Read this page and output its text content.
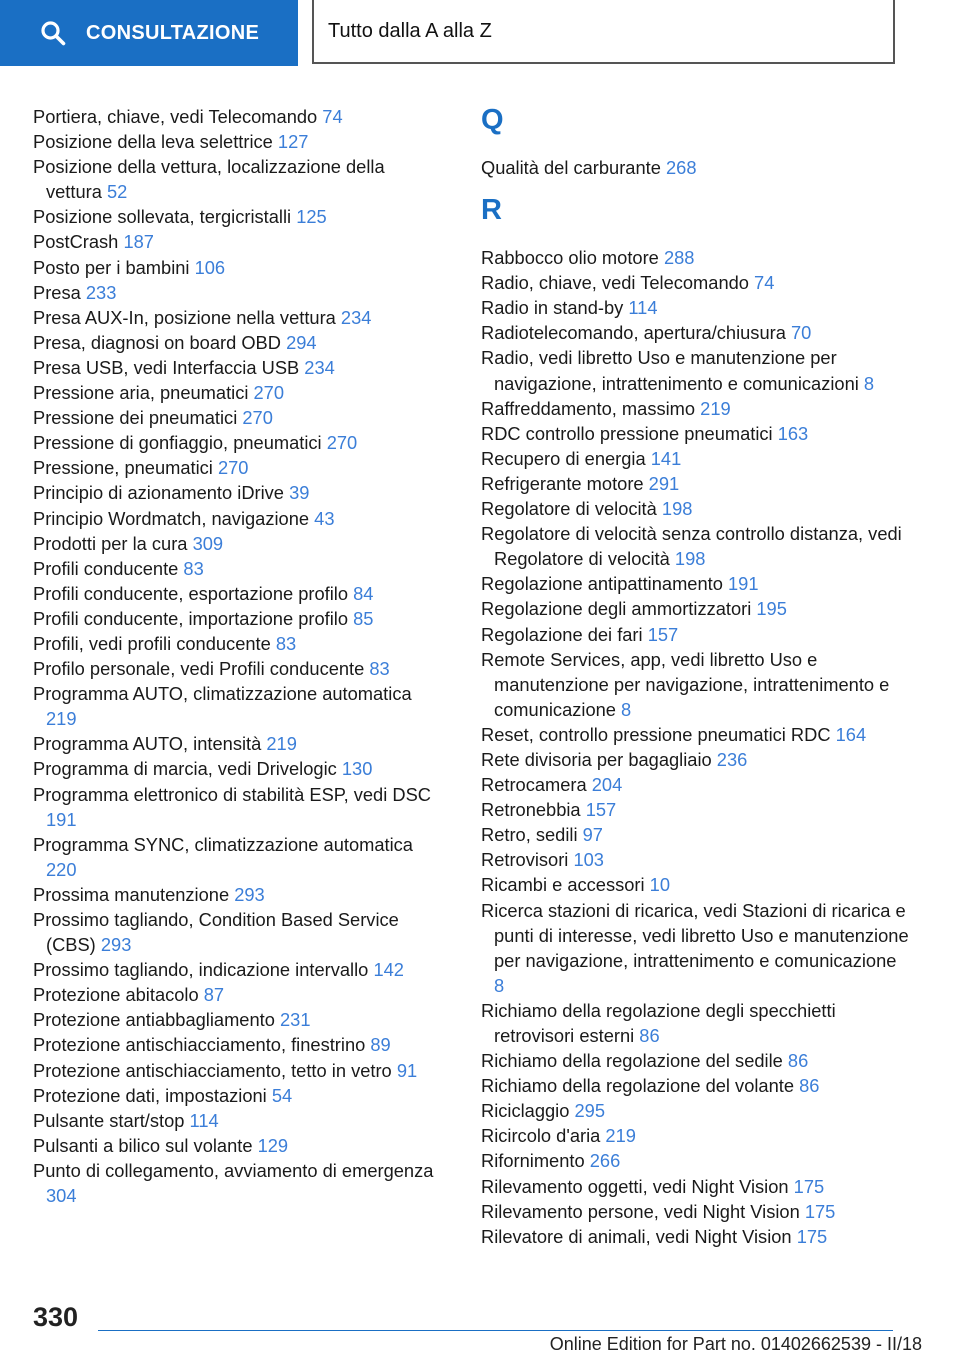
CONSULTAZIONE	Tutto dalla A alla Z
Portiera, chiave, vedi Telecomando 74
Posizione della leva selettrice 127
Posizione della vettura, localizzazione della vettura 52
Posizione sollevata, tergicristalli 125
PostCrash 187
Posto per i bambini 106
Presa 233
Presa AUX-In, posizione nella vettura 234
Presa, diagnosi on board OBD 294
Presa USB, vedi Interfaccia USB 234
Pressione aria, pneumatici 270
Pressione dei pneumatici 270
Pressione di gonfiaggio, pneumatici 270
Pressione, pneumatici 270
Principio di azionamento iDrive 39
Principio Wordmatch, navigazione 43
Prodotti per la cura 309
Profili conducente 83
Profili conducente, esportazione profilo 84
Profili conducente, importazione profilo 85
Profili, vedi profili conducente 83
Profilo personale, vedi Profili conducente 83
Programma AUTO, climatizzazione automatica 219
Programma AUTO, intensità 219
Programma di marcia, vedi Drivelogic 130
Programma elettronico di stabilità ESP, vedi DSC 191
Programma SYNC, climatizzazione automatica 220
Prossima manutenzione 293
Prossimo tagliando, Condition Based Service (CBS) 293
Prossimo tagliando, indicazione intervallo 142
Protezione abitacolo 87
Protezione antiabbagliamento 231
Protezione antischiacciamento, finestrino 89
Protezione antischiacciamento, tetto in vetro 91
Protezione dati, impostazioni 54
Pulsante start/stop 114
Pulsanti a bilico sul volante 129
Punto di collegamento, avviamento di emergenza 304
Q
Qualità del carburante 268
R
Rabbocco olio motore 288
Radio, chiave, vedi Telecomando 74
Radio in stand-by 114
Radiotelecomando, apertura/chiusura 70
Radio, vedi libretto Uso e manutenzione per navigazione, intrattenimento e comunicazioni 8
Raffreddamento, massimo 219
RDC controllo pressione pneumatici 163
Recupero di energia 141
Refrigerante motore 291
Regolatore di velocità 198
Regolatore di velocità senza controllo distanza, vedi Regolatore di velocità 198
Regolazione antipattinamento 191
Regolazione degli ammortizzatori 195
Regolazione dei fari 157
Remote Services, app, vedi libretto Uso e manutenzione per navigazione, intrattenimento e comunicazione 8
Reset, controllo pressione pneumatici RDC 164
Rete divisoria per bagagliaio 236
Retrocamera 204
Retronebbia 157
Retro, sedili 97
Retrovisori 103
Ricambi e accessori 10
Ricerca stazioni di ricarica, vedi Stazioni di ricarica e punti di interesse, vedi libretto Uso e manutenzione per navigazione, intrattenimento e comunicazione 8
Richiamo della regolazione degli specchietti retrovisori esterni 86
Richiamo della regolazione del sedile 86
Richiamo della regolazione del volante 86
Riciclaggio 295
Ricircolo d'aria 219
Rifornimento 266
Rilevamento oggetti, vedi Night Vision 175
Rilevamento persone, vedi Night Vision 175
Rilevatore di animali, vedi Night Vision 175
330
Online Edition for Part no. 01402662539 - II/18
